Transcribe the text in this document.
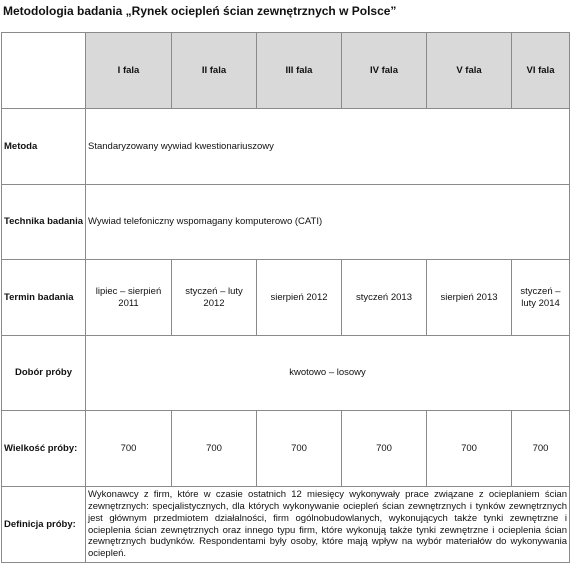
Metodologia badania „Rynek ociepleń ścian zewnętrznych w Polsce”
	I fala	II fala	III fala	IV fala	V fala	VI fala
Metoda	Standaryzowany wywiad kwestionariuszowy					
Technika badania	Wywiad telefoniczny wspomagany komputerowo (CATI)					
Termin badania	lipiec – sierpień 2011	styczeń – luty 2012	sierpień 2012	styczeń 2013	sierpień 2013	styczeń – luty 2014
Dobór próby	kwotowo – losowy					
Wielkość próby:	700	700	700	700	700	700
Definicja próby:	Wykonawcy z firm, które w czasie ostatnich 12 miesięcy wykonywały prace związane z ocieplaniem ścian zewnętrznych: specjalistycznych, dla których wykonywanie ociepleń ścian zewnętrznych i tynków zewnętrznych jest głównym przedmiotem działalności, firm ogólnobudowlanych, wykonujących także tynki zewnętrzne i ocieplenia ścian zewnętrznych oraz innego typu firm, które wykonują także tynki zewnętrzne i ocieplenia ścian zewnętrznych budynków. Respondentami były osoby, które mają wpływ na wybór materiałów do wykonywania ociepleń.					
